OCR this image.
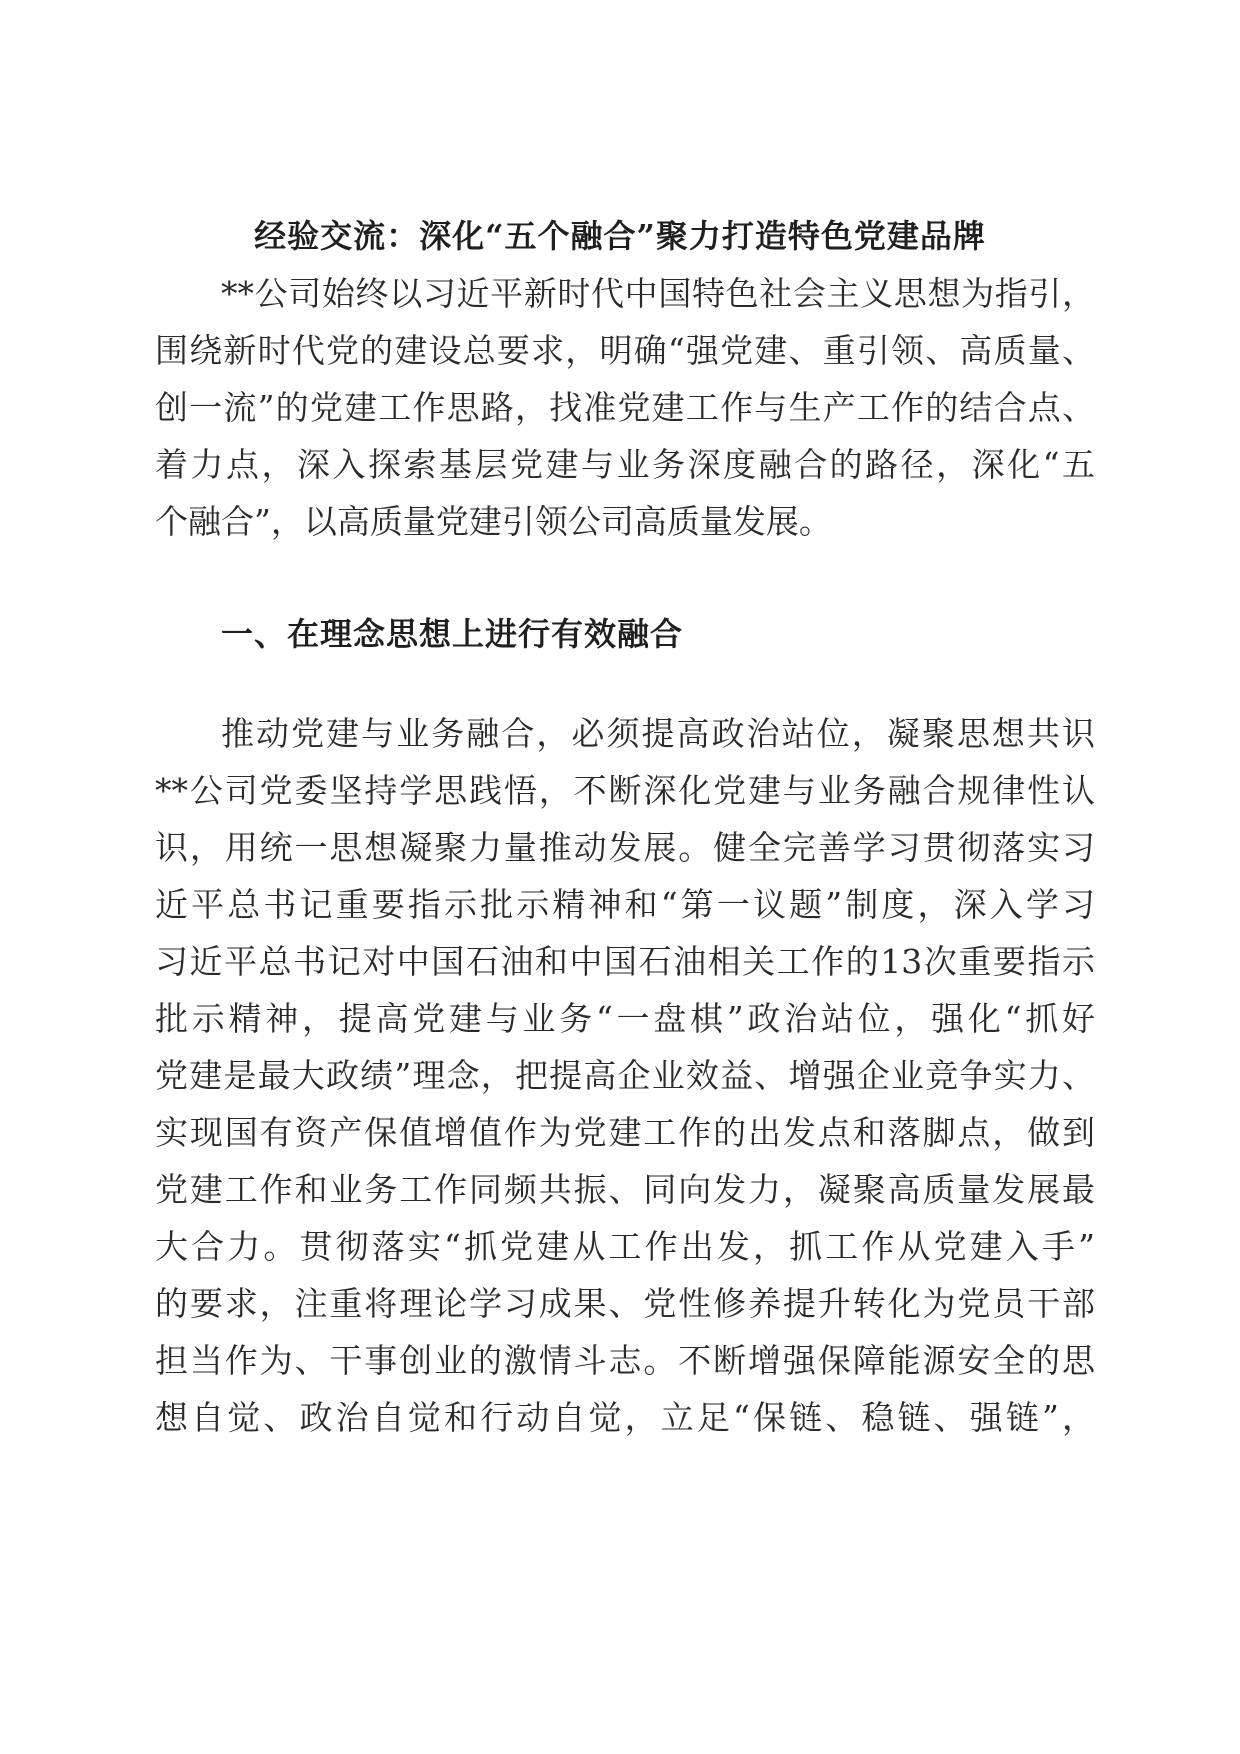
经验交流：深化“五个融合”聚力打造特色党建品牌
**公司始终以习近平新时代中国特色社会主义思想为指引，
围绕新时代党的建设总要求，明确“强党建、重引领、高质量、
创一流”的党建工作思路，找准党建工作与生产工作的结合点、
着力点，深入探索基层党建与业务深度融合的路径，深化“五
个融合”，以高质量党建引领公司高质量发展。
一、在理念思想上进行有效融合
推动党建与业务融合，必须提高政治站位，凝聚思想共识
**公司党委坚持学思践悟，不断深化党建与业务融合规律性认
识，用统一思想凝聚力量推动发展。健全完善学习贯彻落实习
近平总书记重要指示批示精神和“第一议题”制度，深入学习
习近平总书记对中国石油和中国石油相关工作的13次重要指示
批示精神，提高党建与业务“一盘棋”政治站位，强化“抓好
党建是最大政绩”理念，把提高企业效益、增强企业竞争实力、
实现国有资产保值增值作为党建工作的出发点和落脚点，做到
党建工作和业务工作同频共振、同向发力，凝聚高质量发展最
大合力。贯彻落实“抓党建从工作出发，抓工作从党建入手”
的要求，注重将理论学习成果、党性修养提升转化为党员干部
担当作为、干事创业的激情斗志。不断增强保障能源安全的思
想自觉、政治自觉和行动自觉，立足“保链、稳链、强链”，
